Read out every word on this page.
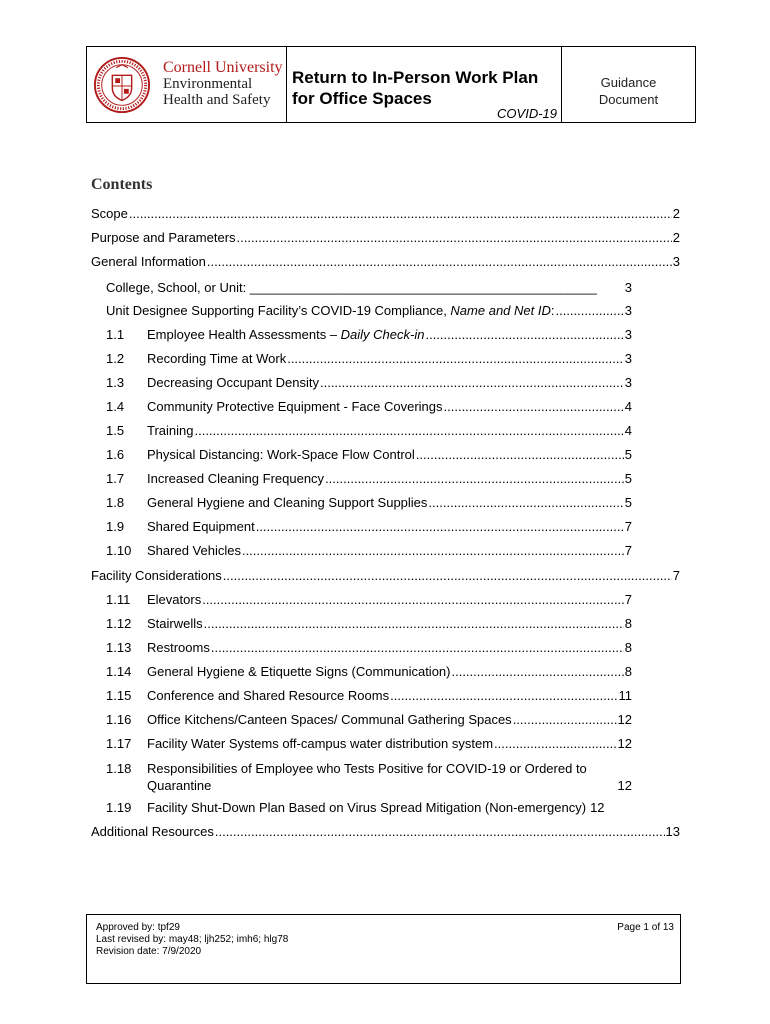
Cornell University
Environmental
Health and Safety
Return to In-Person Work Plan
for Office Spaces
COVID-19
Guidance
Document
Contents
Scope .....	2
Purpose and Parameters .....	2
General Information .....	3
College, School, or Unit: ________________________________________________ 3
Unit Designee Supporting Facility’s COVID-19 Compliance, Name and Net ID: .....	3
1.1	Employee Health Assessments – Daily Check-in .....	3
1.2	Recording Time at Work .....	3
1.3	Decreasing Occupant Density .....	3
1.4	Community Protective Equipment - Face Coverings .....	4
1.5	Training .....	4
1.6	Physical Distancing: Work-Space Flow Control .....	5
1.7	Increased Cleaning Frequency .....	5
1.8	General Hygiene and Cleaning Support Supplies .....	5
1.9	Shared Equipment .....	7
1.10	Shared Vehicles .....	7
Facility Considerations .....	7
1.11	Elevators .....	7
1.12	Stairwells .....	8
1.13	Restrooms .....	8
1.14	General Hygiene & Etiquette Signs (Communication) .....	8
1.15	Conference and Shared Resource Rooms .....	11
1.16	Office Kitchens/Canteen Spaces/ Communal Gathering Spaces .....	12
1.17	Facility Water Systems off-campus water distribution system .....	12
1.18	Responsibilities of Employee who Tests Positive for COVID-19 or Ordered to
Quarantine	12
1.19	Facility Shut-Down Plan Based on Virus Spread Mitigation (Non-emergency) 12
Additional Resources .....	13
Approved by: tpf29
Last revised by: may48; ljh252; imh6; hlg78
Revision date: 7/9/2020
Page 1 of 13
